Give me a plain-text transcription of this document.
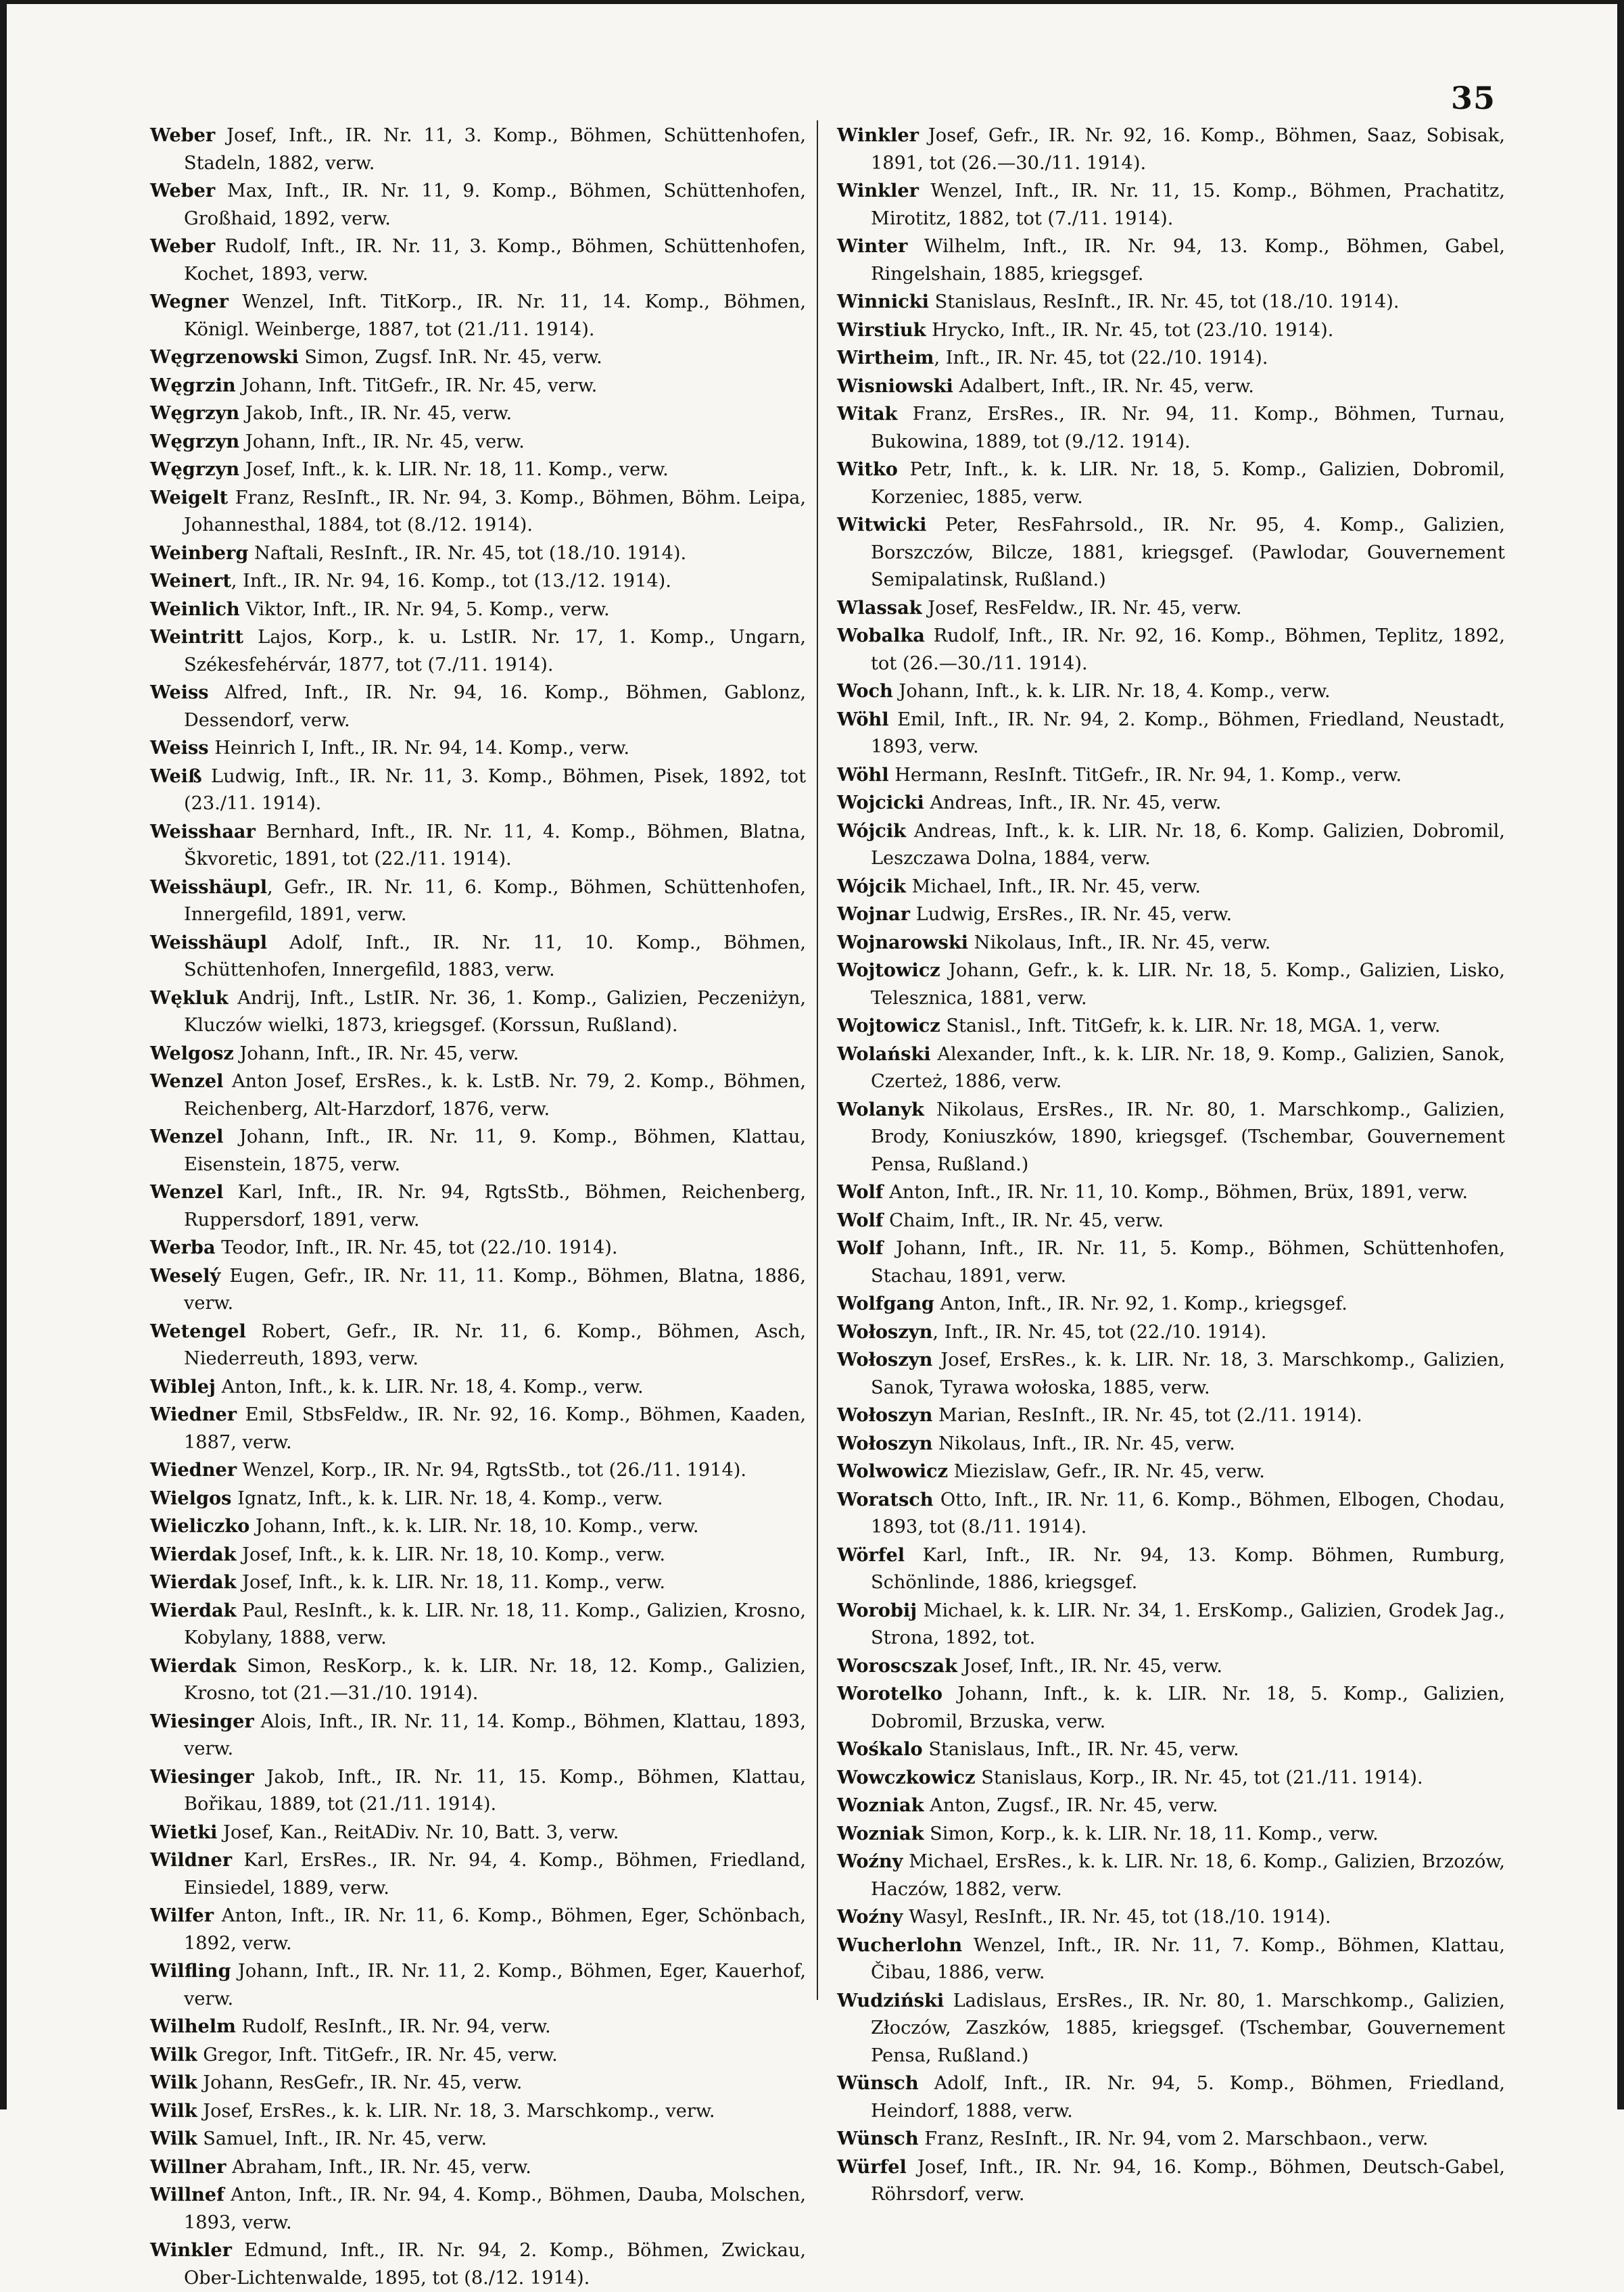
35

Weber Josef, Inft., IR. Nr. 11, 3. Komp., Böhmen, Schüttenhofen, Stadeln, 1882, verw.

Weber Max, Inft., IR. Nr. 11, 9. Komp., Böhmen, Schüttenhofen, Großhaid, 1892, verw.

Weber Rudolf, Inft., IR. Nr. 11, 3. Komp., Böhmen, Schüttenhofen, Kochet, 1893, verw.

Wegner Wenzel, Inft. TitKorp., IR. Nr. 11, 14. Komp., Böhmen, Königl. Weinberge, 1887, tot (21./11. 1914).

Węgrzenowski Simon, Zugsf. InR. Nr. 45, verw.

Węgrzin Johann, Inft. TitGefr., IR. Nr. 45, verw.

Węgrzyn Jakob, Inft., IR. Nr. 45, verw.

Węgrzyn Johann, Inft., IR. Nr. 45, verw.

Węgrzyn Josef, Inft., k. k. LIR. Nr. 18, 11. Komp., verw.

Weigelt Franz, ResInft., IR. Nr. 94, 3. Komp., Böhmen, Böhm. Leipa, Johannesthal, 1884, tot (8./12. 1914).

Weinberg Naftali, ResInft., IR. Nr. 45, tot (18./10. 1914).

Weinert, Inft., IR. Nr. 94, 16. Komp., tot (13./12. 1914).

Weinlich Viktor, Inft., IR. Nr. 94, 5. Komp., verw.

Weintritt Lajos, Korp., k. u. LstIR. Nr. 17, 1. Komp., Ungarn, Székesfehérvár, 1877, tot (7./11. 1914).

Weiss Alfred, Inft., IR. Nr. 94, 16. Komp., Böhmen, Gablonz, Dessendorf, verw.

Weiss Heinrich I, Inft., IR. Nr. 94, 14. Komp., verw.

Weiß Ludwig, Inft., IR. Nr. 11, 3. Komp., Böhmen, Pisek, 1892, tot (23./11. 1914).

Weisshaar Bernhard, Inft., IR. Nr. 11, 4. Komp., Böhmen, Blatna, Škvoretic, 1891, tot (22./11. 1914).

Weisshäupl, Gefr., IR. Nr. 11, 6. Komp., Böhmen, Schüttenhofen, Innergefild, 1891, verw.

Weisshäupl Adolf, Inft., IR. Nr. 11, 10. Komp., Böhmen, Schüttenhofen, Innergefild, 1883, verw.

Wękluk Andrij, Inft., LstIR. Nr. 36, 1. Komp., Galizien, Peczeniżyn, Kluczów wielki, 1873, kriegsgef. (Korssun, Rußland).

Welgosz Johann, Inft., IR. Nr. 45, verw.

Wenzel Anton Josef, ErsRes., k. k. LstB. Nr. 79, 2. Komp., Böhmen, Reichenberg, Alt-Harzdorf, 1876, verw.

Wenzel Johann, Inft., IR. Nr. 11, 9. Komp., Böhmen, Klattau, Eisenstein, 1875, verw.

Wenzel Karl, Inft., IR. Nr. 94, RgtsStb., Böhmen, Reichenberg, Ruppersdorf, 1891, verw.

Werba Teodor, Inft., IR. Nr. 45, tot (22./10. 1914).

Weselý Eugen, Gefr., IR. Nr. 11, 11. Komp., Böhmen, Blatna, 1886, verw.

Wetengel Robert, Gefr., IR. Nr. 11, 6. Komp., Böhmen, Asch, Niederreuth, 1893, verw.

Wiblej Anton, Inft., k. k. LIR. Nr. 18, 4. Komp., verw.

Wiedner Emil, StbsFeldw., IR. Nr. 92, 16. Komp., Böhmen, Kaaden, 1887, verw.

Wiedner Wenzel, Korp., IR. Nr. 94, RgtsStb., tot (26./11. 1914).

Wielgos Ignatz, Inft., k. k. LIR. Nr. 18, 4. Komp., verw.

Wieliczko Johann, Inft., k. k. LIR. Nr. 18, 10. Komp., verw.

Wierdak Josef, Inft., k. k. LIR. Nr. 18, 10. Komp., verw.

Wierdak Josef, Inft., k. k. LIR. Nr. 18, 11. Komp., verw.

Wierdak Paul, ResInft., k. k. LIR. Nr. 18, 11. Komp., Galizien, Krosno, Kobylany, 1888, verw.

Wierdak Simon, ResKorp., k. k. LIR. Nr. 18, 12. Komp., Galizien, Krosno, tot (21.—31./10. 1914).

Wiesinger Alois, Inft., IR. Nr. 11, 14. Komp., Böhmen, Klattau, 1893, verw.

Wiesinger Jakob, Inft., IR. Nr. 11, 15. Komp., Böhmen, Klattau, Bořikau, 1889, tot (21./11. 1914).

Wietki Josef, Kan., ReitADiv. Nr. 10, Batt. 3, verw.

Wildner Karl, ErsRes., IR. Nr. 94, 4. Komp., Böhmen, Friedland, Einsiedel, 1889, verw.

Wilfer Anton, Inft., IR. Nr. 11, 6. Komp., Böhmen, Eger, Schönbach, 1892, verw.

Wilfling Johann, Inft., IR. Nr. 11, 2. Komp., Böhmen, Eger, Kauerhof, verw.

Wilhelm Rudolf, ResInft., IR. Nr. 94, verw.

Wilk Gregor, Inft. TitGefr., IR. Nr. 45, verw.

Wilk Johann, ResGefr., IR. Nr. 45, verw.

Wilk Josef, ErsRes., k. k. LIR. Nr. 18, 3. Marschkomp., verw.

Wilk Samuel, Inft., IR. Nr. 45, verw.

Willner Abraham, Inft., IR. Nr. 45, verw.

Willnef Anton, Inft., IR. Nr. 94, 4. Komp., Böhmen, Dauba, Molschen, 1893, verw.

Winkler Edmund, Inft., IR. Nr. 94, 2. Komp., Böhmen, Zwickau, Ober-Lichtenwalde, 1895, tot (8./12. 1914).

Winkler Josef, Gefr., IR. Nr. 92, 16. Komp., Böhmen, Saaz, Sobisak, 1891, tot (26.—30./11. 1914).

Winkler Wenzel, Inft., IR. Nr. 11, 15. Komp., Böhmen, Prachatitz, Mirotitz, 1882, tot (7./11. 1914).

Winter Wilhelm, Inft., IR. Nr. 94, 13. Komp., Böhmen, Gabel, Ringelshain, 1885, kriegsgef.

Winnicki Stanislaus, ResInft., IR. Nr. 45, tot (18./10. 1914).

Wirstiuk Hrycko, Inft., IR. Nr. 45, tot (23./10. 1914).

Wirtheim, Inft., IR. Nr. 45, tot (22./10. 1914).

Wisniowski Adalbert, Inft., IR. Nr. 45, verw.

Witak Franz, ErsRes., IR. Nr. 94, 11. Komp., Böhmen, Turnau, Bukowina, 1889, tot (9./12. 1914).

Witko Petr, Inft., k. k. LIR. Nr. 18, 5. Komp., Galizien, Dobromil, Korzeniec, 1885, verw.

Witwicki Peter, ResFahrsold., IR. Nr. 95, 4. Komp., Galizien, Borszczów, Bilcze, 1881, kriegsgef. (Pawlodar, Gouvernement Semipalatinsk, Rußland.)

Wlassak Josef, ResFeldw., IR. Nr. 45, verw.

Wobalka Rudolf, Inft., IR. Nr. 92, 16. Komp., Böhmen, Teplitz, 1892, tot (26.—30./11. 1914).

Woch Johann, Inft., k. k. LIR. Nr. 18, 4. Komp., verw.

Wöhl Emil, Inft., IR. Nr. 94, 2. Komp., Böhmen, Friedland, Neustadt, 1893, verw.

Wöhl Hermann, ResInft. TitGefr., IR. Nr. 94, 1. Komp., verw.

Wojcicki Andreas, Inft., IR. Nr. 45, verw.

Wójcik Andreas, Inft., k. k. LIR. Nr. 18, 6. Komp. Galizien, Dobromil, Leszczawa Dolna, 1884, verw.

Wójcik Michael, Inft., IR. Nr. 45, verw.

Wojnar Ludwig, ErsRes., IR. Nr. 45, verw.

Wojnarowski Nikolaus, Inft., IR. Nr. 45, verw.

Wojtowicz Johann, Gefr., k. k. LIR. Nr. 18, 5. Komp., Galizien, Lisko, Telesznica, 1881, verw.

Wojtowicz Stanisl., Inft. TitGefr, k. k. LIR. Nr. 18, MGA. 1, verw.

Wolański Alexander, Inft., k. k. LIR. Nr. 18, 9. Komp., Galizien, Sanok, Czerteż, 1886, verw.

Wolanyk Nikolaus, ErsRes., IR. Nr. 80, 1. Marschkomp., Galizien, Brody, Koniuszków, 1890, kriegsgef. (Tschembar, Gouvernement Pensa, Rußland.)

Wolf Anton, Inft., IR. Nr. 11, 10. Komp., Böhmen, Brüx, 1891, verw.

Wolf Chaim, Inft., IR. Nr. 45, verw.

Wolf Johann, Inft., IR. Nr. 11, 5. Komp., Böhmen, Schüttenhofen, Stachau, 1891, verw.

Wolfgang Anton, Inft., IR. Nr. 92, 1. Komp., kriegsgef.

Wołoszyn, Inft., IR. Nr. 45, tot (22./10. 1914).

Wołoszyn Josef, ErsRes., k. k. LIR. Nr. 18, 3. Marschkomp., Galizien, Sanok, Tyrawa wołoska, 1885, verw.

Wołoszyn Marian, ResInft., IR. Nr. 45, tot (2./11. 1914).

Wołoszyn Nikolaus, Inft., IR. Nr. 45, verw.

Wolwowicz Miezislaw, Gefr., IR. Nr. 45, verw.

Woratsch Otto, Inft., IR. Nr. 11, 6. Komp., Böhmen, Elbogen, Chodau, 1893, tot (8./11. 1914).

Wörfel Karl, Inft., IR. Nr. 94, 13. Komp. Böhmen, Rumburg, Schönlinde, 1886, kriegsgef.

Worobij Michael, k. k. LIR. Nr. 34, 1. ErsKomp., Galizien, Grodek Jag., Strona, 1892, tot.

Woroscszak Josef, Inft., IR. Nr. 45, verw.

Worotelko Johann, Inft., k. k. LIR. Nr. 18, 5. Komp., Galizien, Dobromil, Brzuska, verw.

Wośkalo Stanislaus, Inft., IR. Nr. 45, verw.

Wowczkowicz Stanislaus, Korp., IR. Nr. 45, tot (21./11. 1914).

Wozniak Anton, Zugsf., IR. Nr. 45, verw.

Wozniak Simon, Korp., k. k. LIR. Nr. 18, 11. Komp., verw.

Woźny Michael, ErsRes., k. k. LIR. Nr. 18, 6. Komp., Galizien, Brzozów, Haczów, 1882, verw.

Woźny Wasyl, ResInft., IR. Nr. 45, tot (18./10. 1914).

Wucherlohn Wenzel, Inft., IR. Nr. 11, 7. Komp., Böhmen, Klattau, Čibau, 1886, verw.

Wudziński Ladislaus, ErsRes., IR. Nr. 80, 1. Marschkomp., Galizien, Złoczów, Zaszków, 1885, kriegsgef. (Tschembar, Gouvernement Pensa, Rußland.)

Wünsch Adolf, Inft., IR. Nr. 94, 5. Komp., Böhmen, Friedland, Heindorf, 1888, verw.

Wünsch Franz, ResInft., IR. Nr. 94, vom 2. Marschbaon., verw.

Würfel Josef, Inft., IR. Nr. 94, 16. Komp., Böhmen, Deutsch-Gabel, Röhrsdorf, verw.
